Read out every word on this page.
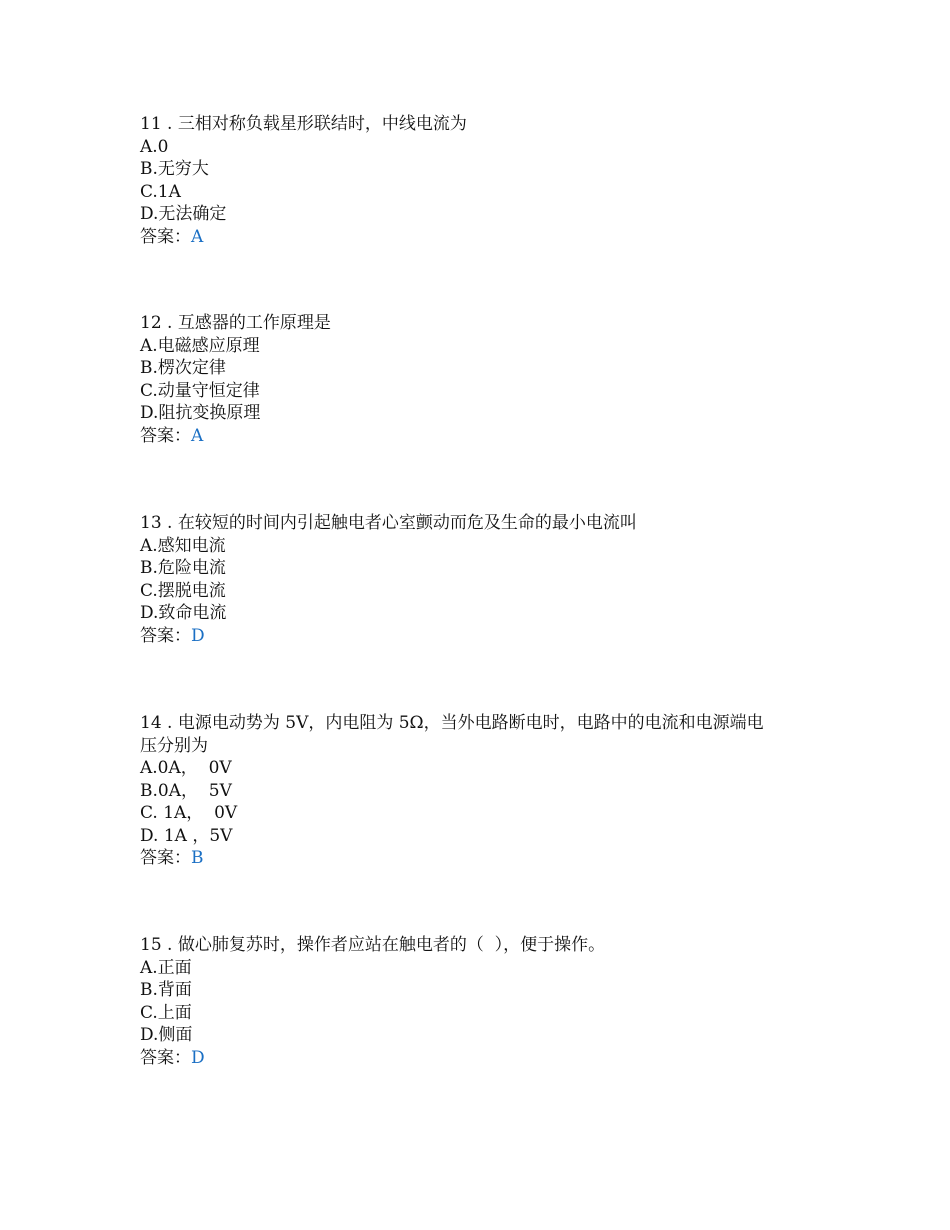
11 . 三相对称负载星形联结时，中线电流为

A.0

B.无穷大

C.1A

D.无法确定

答案：A

12 . 互感器的工作原理是

A.电磁感应原理

B.楞次定律

C.动量守恒定律

D.阻抗变换原理

答案：A

13 . 在较短的时间内引起触电者心室颤动而危及生命的最小电流叫

A.感知电流

B.危险电流

C.摆脱电流

D.致命电流

答案：D

14 . 电源电动势为 5V，内电阻为 5Ω，当外电路断电时，电路中的电流和电源端电

压分别为

A.0A，  0V

B.0A，  5V

C. 1A，  0V

D. 1A ，5V

答案：B

15 . 做心肺复苏时，操作者应站在触电者的（  ），便于操作。

A.正面

B.背面

C.上面

D.侧面

答案：D
